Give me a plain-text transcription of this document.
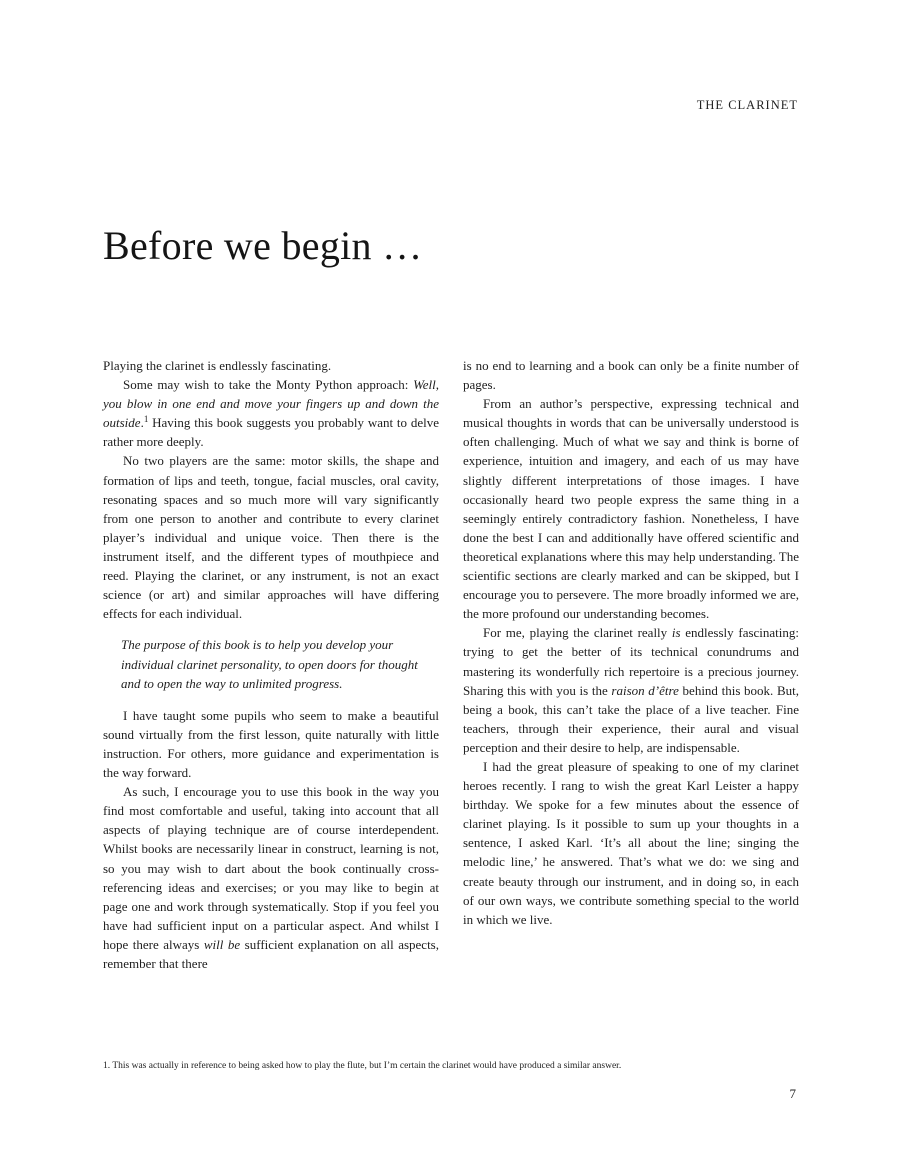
THE CLARINET
Before we begin …

Playing the clarinet is endlessly fascinating.

Some may wish to take the Monty Python approach: Well, you blow in one end and move your fingers up and down the outside.$^1$ Having this book suggests you probably want to delve rather more deeply.

No two players are the same: motor skills, the shape and formation of lips and teeth, tongue, facial muscles, oral cavity, resonating spaces and so much more will vary significantly from one person to another and contribute to every clarinet player’s individual and unique voice. Then there is the instrument itself, and the different types of mouthpiece and reed. Playing the clarinet, or any instrument, is not an exact science (or art) and similar approaches will have differing effects for each individual.

The purpose of this book is to help you develop your individual clarinet personality, to open doors for thought and to open the way to unlimited progress.

I have taught some pupils who seem to make a beautiful sound virtually from the first lesson, quite naturally with little instruction. For others, more guidance and experimentation is the way forward.

As such, I encourage you to use this book in the way you find most comfortable and useful, taking into account that all aspects of playing technique are of course interdependent. Whilst books are necessarily linear in construct, learning is not, so you may wish to dart about the book continually cross-referencing ideas and exercises; or you may like to begin at page one and work through systematically. Stop if you feel you have had sufficient input on a particular aspect. And whilst I hope there always will be sufficient explanation on all aspects, remember that there

is no end to learning and a book can only be a finite number of pages.

From an author’s perspective, expressing technical and musical thoughts in words that can be universally understood is often challenging. Much of what we say and think is borne of experience, intuition and imagery, and each of us may have slightly different interpretations of those images. I have occasionally heard two people express the same thing in a seemingly entirely contradictory fashion. Nonetheless, I have done the best I can and additionally have offered scientific and theoretical explanations where this may help understanding. The scientific sections are clearly marked and can be skipped, but I encourage you to persevere. The more broadly informed we are, the more profound our understanding becomes.

For me, playing the clarinet really is endlessly fascinating: trying to get the better of its technical conundrums and mastering its wonderfully rich repertoire is a precious journey. Sharing this with you is the raison d’être behind this book. But, being a book, this can’t take the place of a live teacher. Fine teachers, through their experience, their aural and visual perception and their desire to help, are indispensable.

I had the great pleasure of speaking to one of my clarinet heroes recently. I rang to wish the great Karl Leister a happy birthday. We spoke for a few minutes about the essence of clarinet playing. Is it possible to sum up your thoughts in a sentence, I asked Karl. ‘It’s all about the line; singing the melodic line,’ he answered. That’s what we do: we sing and create beauty through our instrument, and in doing so, in each of our own ways, we contribute something special to the world in which we live.

1. This was actually in reference to being asked how to play the flute, but I’m certain the clarinet would have produced a similar answer.
7
